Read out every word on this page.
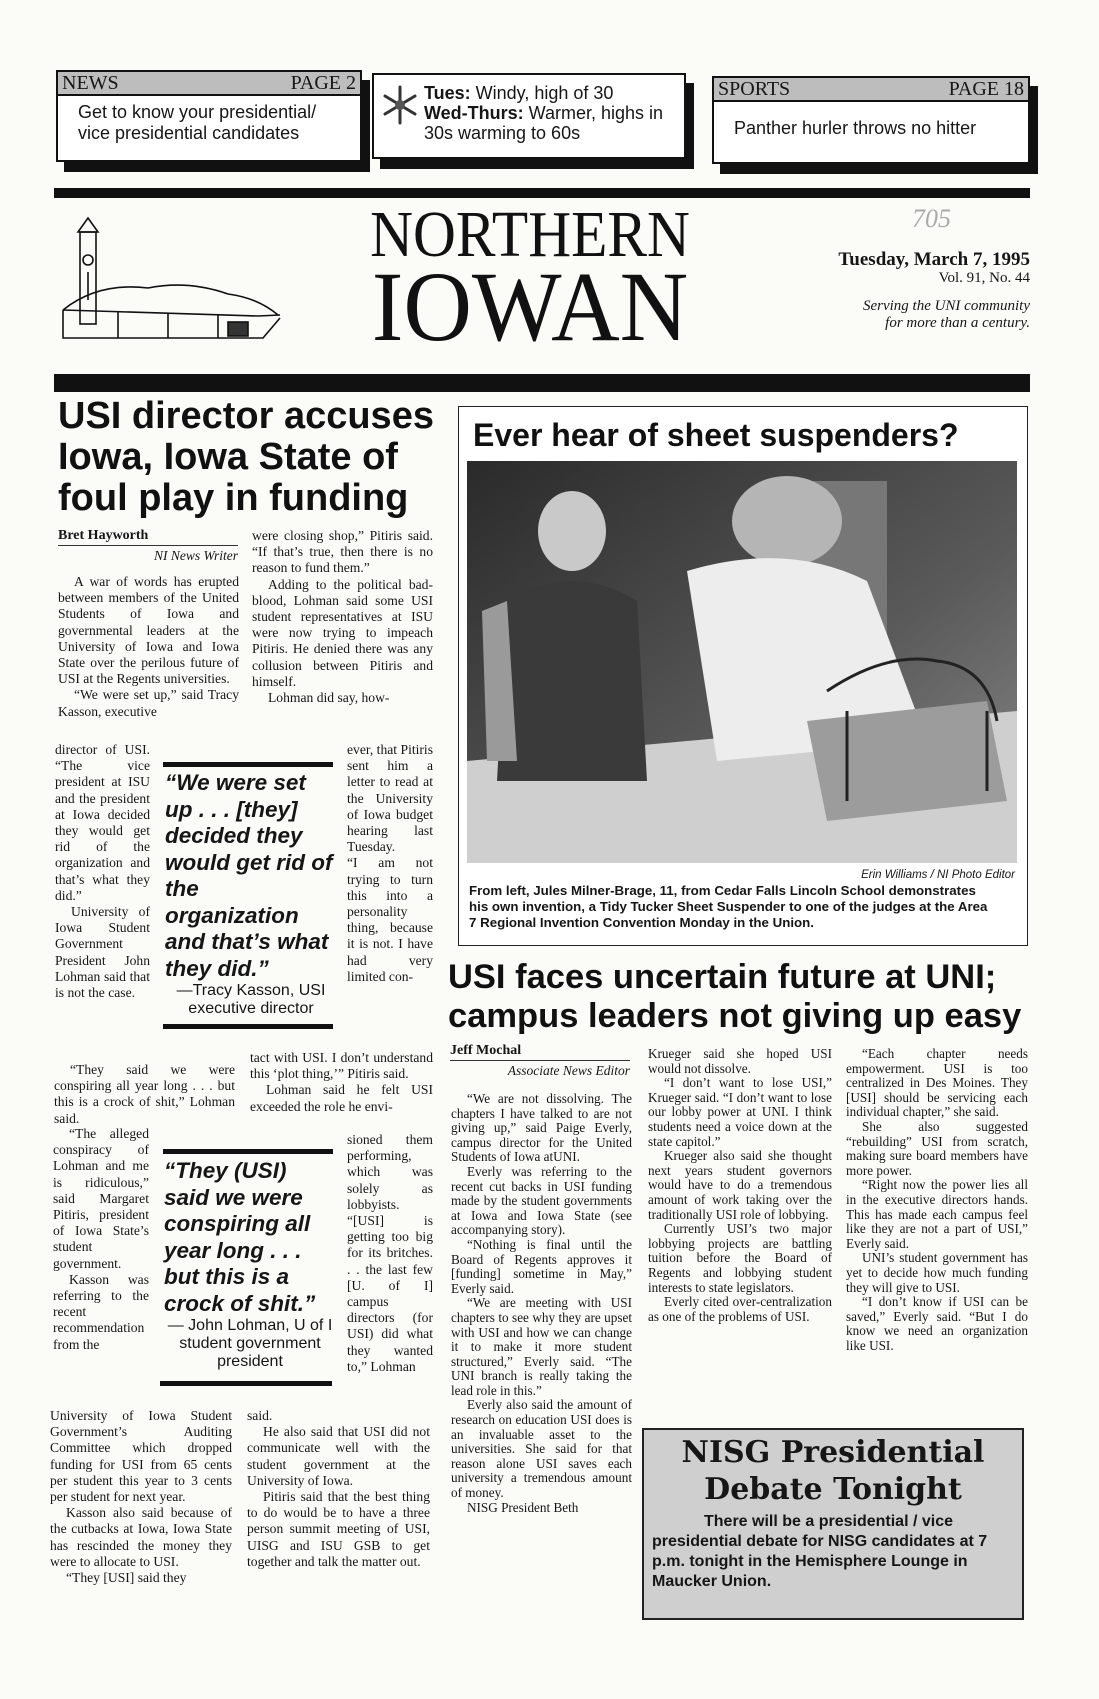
NEWS	PAGE 2
Get to know your presidential/ vice presidential candidates
Tues: Windy, high of 30
Wed-Thurs: Warmer, highs in 30s warming to 60s
SPORTS	PAGE 18
Panther hurler throws no hitter
NORTHERN
IOWAN
705
Tuesday, March 7, 1995
Vol. 91, No. 44
Serving the UNI community
for more than a century.
USI director accuses Iowa, Iowa State of foul play in funding
Bret Hayworth
NI News Writer

A war of words has erupted between members of the United Students of Iowa and governmental leaders at the University of Iowa and Iowa State over the perilous future of USI at the Regents universities.

“We were set up,” said Tracy Kasson, executive

director of USI. “The vice president at ISU and the president at Iowa decided they would get rid of the organization and that’s what they did.”

University of Iowa Student Government President John Lohman said that is not the case.

“They said we were conspiring all year long . . . but this is a crock of shit,” Lohman said.

“The alleged conspiracy of Lohman and me is ridiculous,” said Margaret Pitiris, president of Iowa State’s student government.

Kasson was referring to the recent recommendation from the

University of Iowa Student Government’s Auditing Committee which dropped funding for USI from 65 cents per student this year to 3 cents per student for next year.

Kasson also said because of the cutbacks at Iowa, Iowa State has rescinded the money they were to allocate to USI.

“They [USI] said they

were closing shop,” Pitiris said. “If that’s true, then there is no reason to fund them.”

Adding to the political bad-blood, Lohman said some USI student representatives at ISU were now trying to impeach Pitiris. He denied there was any collusion between Pitiris and himself.

Lohman did say, how-

ever, that Pitiris sent him a letter to read at the University of Iowa budget hearing last Tuesday.

“I am not trying to turn this into a personality thing, because it is not. I have had very limited con-

tact with USI. I don’t understand this ‘plot thing,’” Pitiris said.

Lohman said he felt USI exceeded the role he envi-

sioned them performing, which was solely as lobbyists.

“[USI] is getting too big for its britches. . . the last few [U. of I] campus directors (for USI) did what they wanted to,” Lohman

said.

He also said that USI did not communicate well with the student government at the University of Iowa.

Pitiris said that the best thing to do would be to have a three person summit meeting of USI, UISG and ISU GSB to get together and talk the matter out.

“We were set up . . . [they] decided they would get rid of the organization and that’s what they did.”
—Tracy Kasson, USI executive director
“They (USI) said we were conspiring all year long . . . but this is a crock of shit.”
— John Lohman, U of I student government president
Ever hear of sheet suspenders?
Erin Williams / NI Photo Editor
From left, Jules Milner-Brage, 11, from Cedar Falls Lincoln School demonstrates his own invention, a Tidy Tucker Sheet Suspender to one of the judges at the Area 7 Regional Invention Convention Monday in the Union.
USI faces uncertain future at UNI; campus leaders not giving up easy
Jeff Mochal
Associate News Editor

“We are not dissolving. The chapters I have talked to are not giving up,” said Paige Everly, campus director for the United Students of Iowa atUNI.

Everly was referring to the recent cut backs in USI funding made by the student governments at Iowa and Iowa State (see accompanying story).

“Nothing is final until the Board of Regents approves it [funding] sometime in May,” Everly said.

“We are meeting with USI chapters to see why they are upset with USI and how we can change it to make it more student structured,” Everly said. “The UNI branch is really taking the lead role in this.”

Everly also said the amount of research on education USI does is an invaluable asset to the universities. She said for that reason alone USI saves each university a tremendous amount of money.

NISG President Beth

Krueger said she hoped USI would not dissolve.

“I don’t want to lose USI,” Krueger said. “I don’t want to lose our lobby power at UNI. I think students need a voice down at the state capitol.”

Krueger also said she thought next years student governors would have to do a tremendous amount of work taking over the traditionally USI role of lobbying.

Currently USI’s two major lobbying projects are battling tuition before the Board of Regents and lobbying student interests to state legislators.

Everly cited over-centralization as one of the problems of USI.

“Each chapter needs empowerment. USI is too centralized in Des Moines. They [USI] should be servicing each individual chapter,” she said.

She also suggested “rebuilding” USI from scratch, making sure board members have more power.

“Right now the power lies all in the executive directors hands. This has made each campus feel like they are not a part of USI,” Everly said.

UNI’s student government has yet to decide how much funding they will give to USI.

“I don’t know if USI can be saved,” Everly said. “But I do know we need an organization like USI.

NISG Presidential
Debate Tonight
There will be a presidential / vice presidential debate for NISG candidates at 7 p.m. tonight in the Hemisphere Lounge in Maucker Union.
